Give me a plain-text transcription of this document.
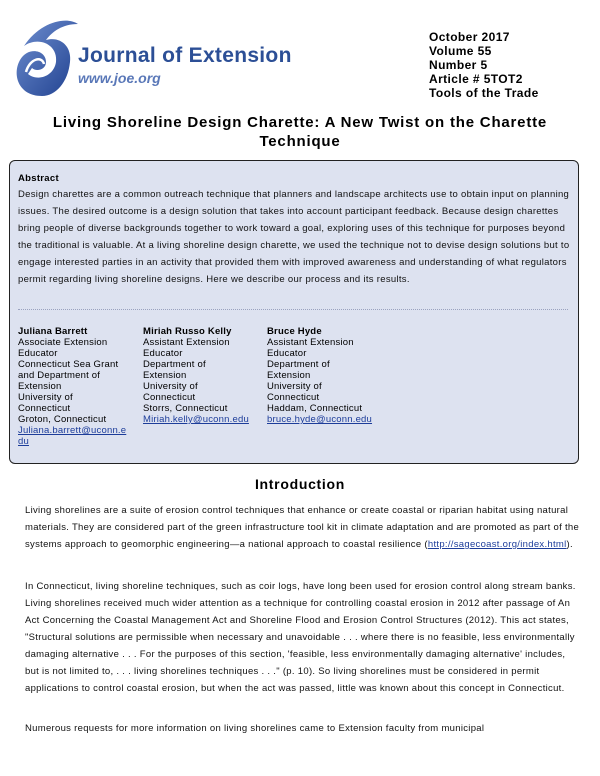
Journal of Extension
www.joe.org
October 2017
Volume 55
Number 5
Article # 5TOT2
Tools of the Trade
Living Shoreline Design Charette: A New Twist on the Charette Technique
Abstract
Design charettes are a common outreach technique that planners and landscape architects use to obtain input on planning issues. The desired outcome is a design solution that takes into account participant feedback. Because design charettes bring people of diverse backgrounds together to work toward a goal, exploring uses of this technique for purposes beyond the traditional is valuable. At a living shoreline design charette, we used the technique not to devise design solutions but to engage interested parties in an activity that provided them with improved awareness and understanding of what regulators permit regarding living shoreline designs. Here we describe our process and its results.
Juliana Barrett
Associate Extension
Educator
Connecticut Sea Grant
and Department of
Extension
University of
Connecticut
Groton, Connecticut
Juliana.barrett@uconn.edu
Miriah Russo Kelly
Assistant Extension
Educator
Department of
Extension
University of
Connecticut
Storrs, Connecticut
Miriah.kelly@uconn.edu
Bruce Hyde
Assistant Extension
Educator
Department of
Extension
University of
Connecticut
Haddam, Connecticut
bruce.hyde@uconn.edu
Introduction

Living shorelines are a suite of erosion control techniques that enhance or create coastal or riparian habitat using natural materials. They are considered part of the green infrastructure tool kit in climate adaptation and are promoted as part of the systems approach to geomorphic engineering—a national approach to coastal resilience (http://sagecoast.org/index.html).

In Connecticut, living shoreline techniques, such as coir logs, have long been used for erosion control along stream banks. Living shorelines received much wider attention as a technique for controlling coastal erosion in 2012 after passage of An Act Concerning the Coastal Management Act and Shoreline Flood and Erosion Control Structures (2012). This act states, "Structural solutions are permissible when necessary and unavoidable . . . where there is no feasible, less environmentally damaging alternative . . . For the purposes of this section, 'feasible, less environmentally damaging alternative' includes, but is not limited to, . . . living shorelines techniques . . ." (p. 10). So living shorelines must be considered in permit applications to control coastal erosion, but when the act was passed, little was known about this concept in Connecticut.

Numerous requests for more information on living shorelines came to Extension faculty from municipal
